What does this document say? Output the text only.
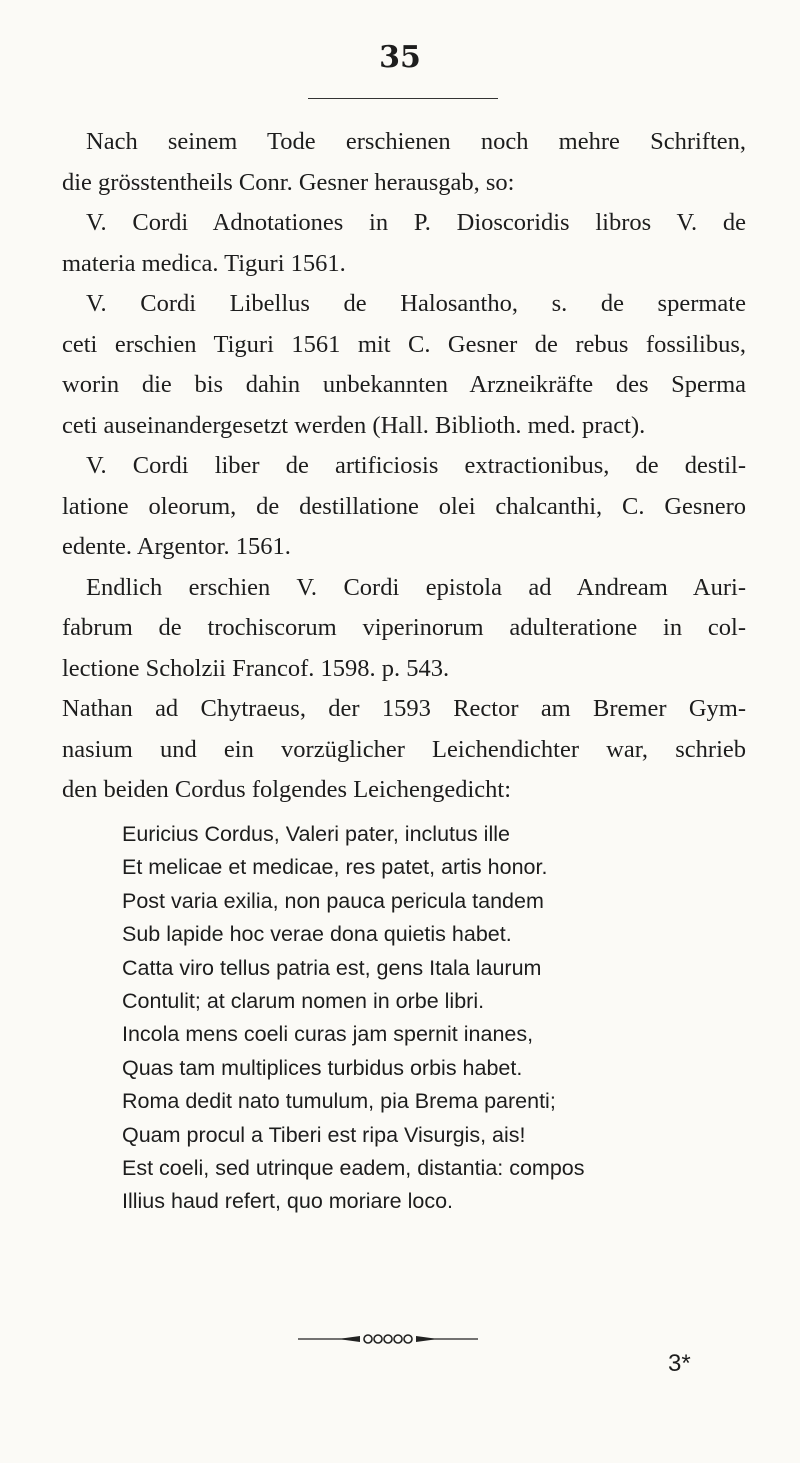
35
Nach seinem Tode erschienen noch mehre Schriften,
die grösstentheils Conr. Gesner herausgab, so:
V. Cordi Adnotationes in P. Dioscoridis libros V. de
materia medica. Tiguri 1561.
V. Cordi Libellus de Halosantho, s. de spermate
ceti erschien Tiguri 1561 mit C. Gesner de rebus fossilibus,
worin die bis dahin unbekannten Arzneikräfte des Sperma
ceti auseinandergesetzt werden (Hall. Biblioth. med. pract).
V. Cordi liber de artificiosis extractionibus, de destil-
latione oleorum, de destillatione olei chalcanthi, C. Gesnero
edente. Argentor. 1561.
Endlich erschien V. Cordi epistola ad Andream Auri-
fabrum de trochiscorum viperinorum adulteratione in col-
lectione Scholzii Francof. 1598. p. 543.
Nathan ad Chytraeus, der 1593 Rector am Bremer Gym-
nasium und ein vorzüglicher Leichendichter war, schrieb
den beiden Cordus folgendes Leichengedicht:
Euricius Cordus, Valeri pater, inclutus ille
Et melicae et medicae, res patet, artis honor.
Post varia exilia, non pauca pericula tandem
Sub lapide hoc verae dona quietis habet.
Catta viro tellus patria est, gens Itala laurum
Contulit; at clarum nomen in orbe libri.
Incola mens coeli curas jam spernit inanes,
Quas tam multiplices turbidus orbis habet.
Roma dedit nato tumulum, pia Brema parenti;
Quam procul a Tiberi est ripa Visurgis, ais!
Est coeli, sed utrinque eadem, distantia: compos
Illius haud refert, quo moriare loco.
3*
